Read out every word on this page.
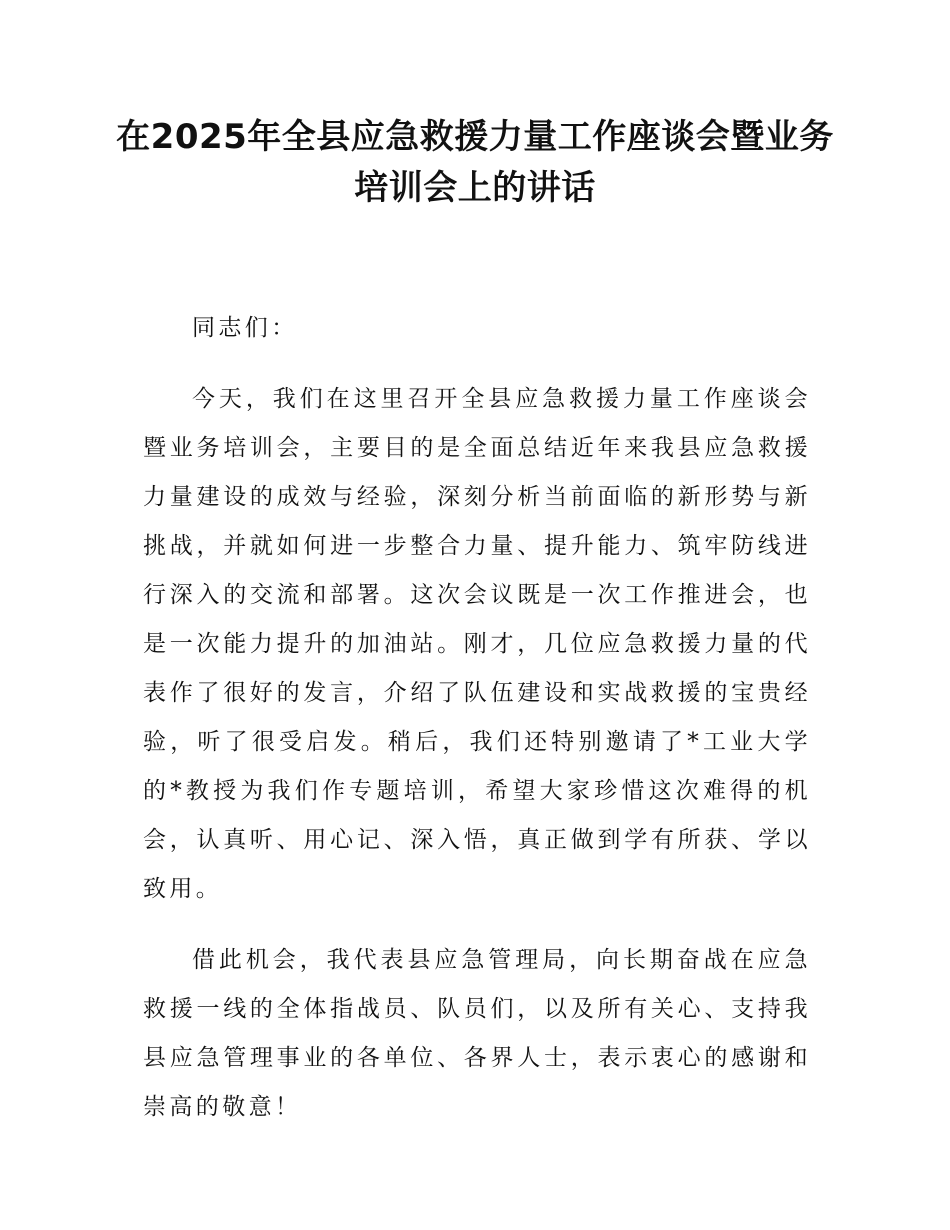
在2025年全县应急救援力量工作座谈会暨业务培训会上的讲话

同志们：

今天，我们在这里召开全县应急救援力量工作座谈会暨业务培训会，主要目的是全面总结近年来我县应急救援力量建设的成效与经验，深刻分析当前面临的新形势与新挑战，并就如何进一步整合力量、提升能力、筑牢防线进行深入的交流和部署。这次会议既是一次工作推进会，也是一次能力提升的加油站。刚才，几位应急救援力量的代表作了很好的发言，介绍了队伍建设和实战救援的宝贵经验，听了很受启发。稍后，我们还特别邀请了*工业大学的*教授为我们作专题培训，希望大家珍惜这次难得的机会，认真听、用心记、深入悟，真正做到学有所获、学以致用。

借此机会，我代表县应急管理局，向长期奋战在应急救援一线的全体指战员、队员们，以及所有关心、支持我县应急管理事业的各单位、各界人士，表示衷心的感谢和崇高的敬意！
